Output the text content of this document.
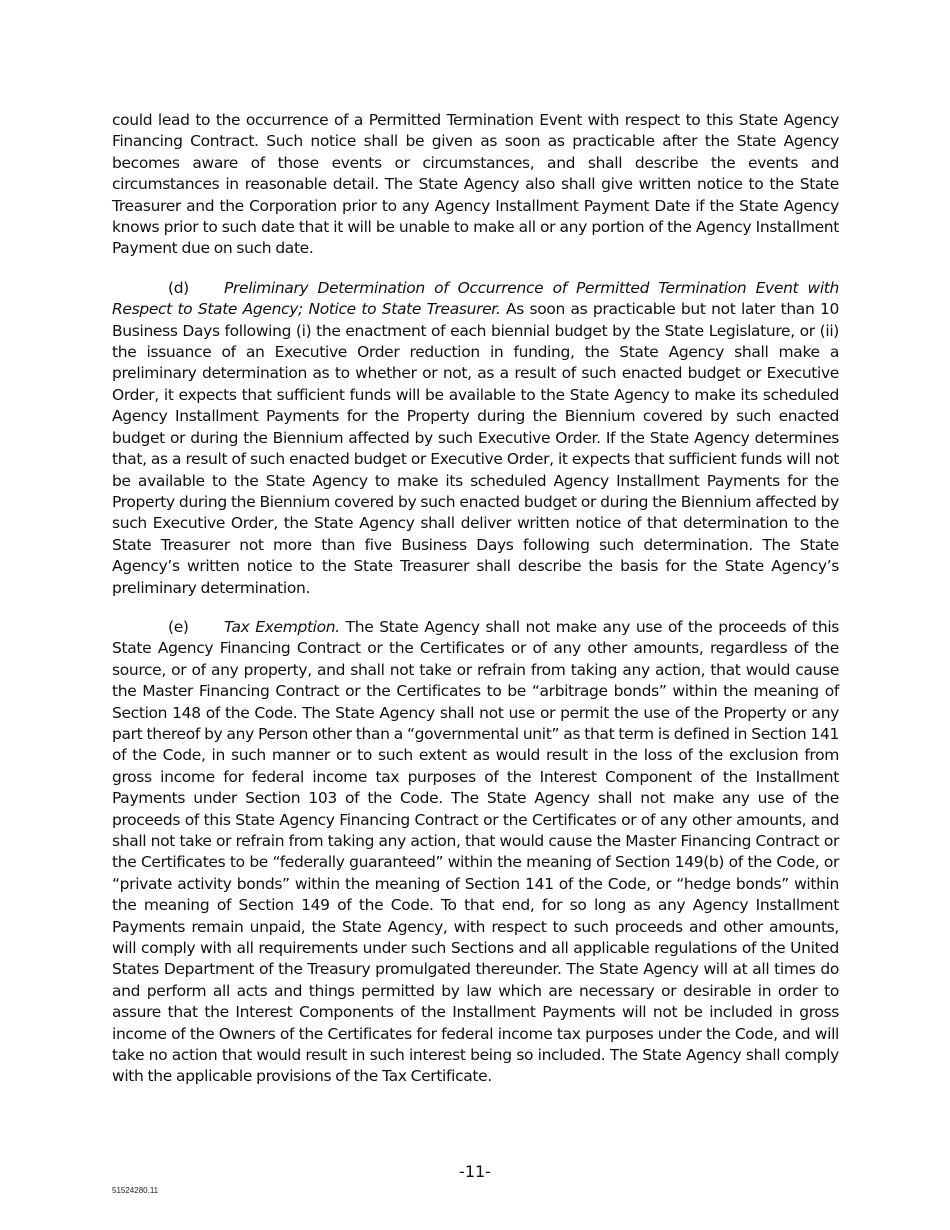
could lead to the occurrence of a Permitted Termination Event with respect to this State Agency Financing Contract. Such notice shall be given as soon as practicable after the State Agency becomes aware of those events or circumstances, and shall describe the events and circumstances in reasonable detail. The State Agency also shall give written notice to the State Treasurer and the Corporation prior to any Agency Installment Payment Date if the State Agency knows prior to such date that it will be unable to make all or any portion of the Agency Installment Payment due on such date.

(d) Preliminary Determination of Occurrence of Permitted Termination Event with Respect to State Agency; Notice to State Treasurer. As soon as practicable but not later than 10 Business Days following (i) the enactment of each biennial budget by the State Legislature, or (ii) the issuance of an Executive Order reduction in funding, the State Agency shall make a preliminary determination as to whether or not, as a result of such enacted budget or Executive Order, it expects that sufficient funds will be available to the State Agency to make its scheduled Agency Installment Payments for the Property during the Biennium covered by such enacted budget or during the Biennium affected by such Executive Order. If the State Agency determines that, as a result of such enacted budget or Executive Order, it expects that sufficient funds will not be available to the State Agency to make its scheduled Agency Installment Payments for the Property during the Biennium covered by such enacted budget or during the Biennium affected by such Executive Order, the State Agency shall deliver written notice of that determination to the State Treasurer not more than five Business Days following such determination. The State Agency’s written notice to the State Treasurer shall describe the basis for the State Agency’s preliminary determination.

(e) Tax Exemption. The State Agency shall not make any use of the proceeds of this State Agency Financing Contract or the Certificates or of any other amounts, regardless of the source, or of any property, and shall not take or refrain from taking any action, that would cause the Master Financing Contract or the Certificates to be “arbitrage bonds” within the meaning of Section 148 of the Code. The State Agency shall not use or permit the use of the Property or any part thereof by any Person other than a “governmental unit” as that term is defined in Section 141 of the Code, in such manner or to such extent as would result in the loss of the exclusion from gross income for federal income tax purposes of the Interest Component of the Installment Payments under Section 103 of the Code. The State Agency shall not make any use of the proceeds of this State Agency Financing Contract or the Certificates or of any other amounts, and shall not take or refrain from taking any action, that would cause the Master Financing Contract or the Certificates to be “federally guaranteed” within the meaning of Section 149(b) of the Code, or “private activity bonds” within the meaning of Section 141 of the Code, or “hedge bonds” within the meaning of Section 149 of the Code. To that end, for so long as any Agency Installment Payments remain unpaid, the State Agency, with respect to such proceeds and other amounts, will comply with all requirements under such Sections and all applicable regulations of the United States Department of the Treasury promulgated thereunder. The State Agency will at all times do and perform all acts and things permitted by law which are necessary or desirable in order to assure that the Interest Components of the Installment Payments will not be included in gross income of the Owners of the Certificates for federal income tax purposes under the Code, and will take no action that would result in such interest being so included. The State Agency shall comply with the applicable provisions of the Tax Certificate.

-11-
51524280.11
